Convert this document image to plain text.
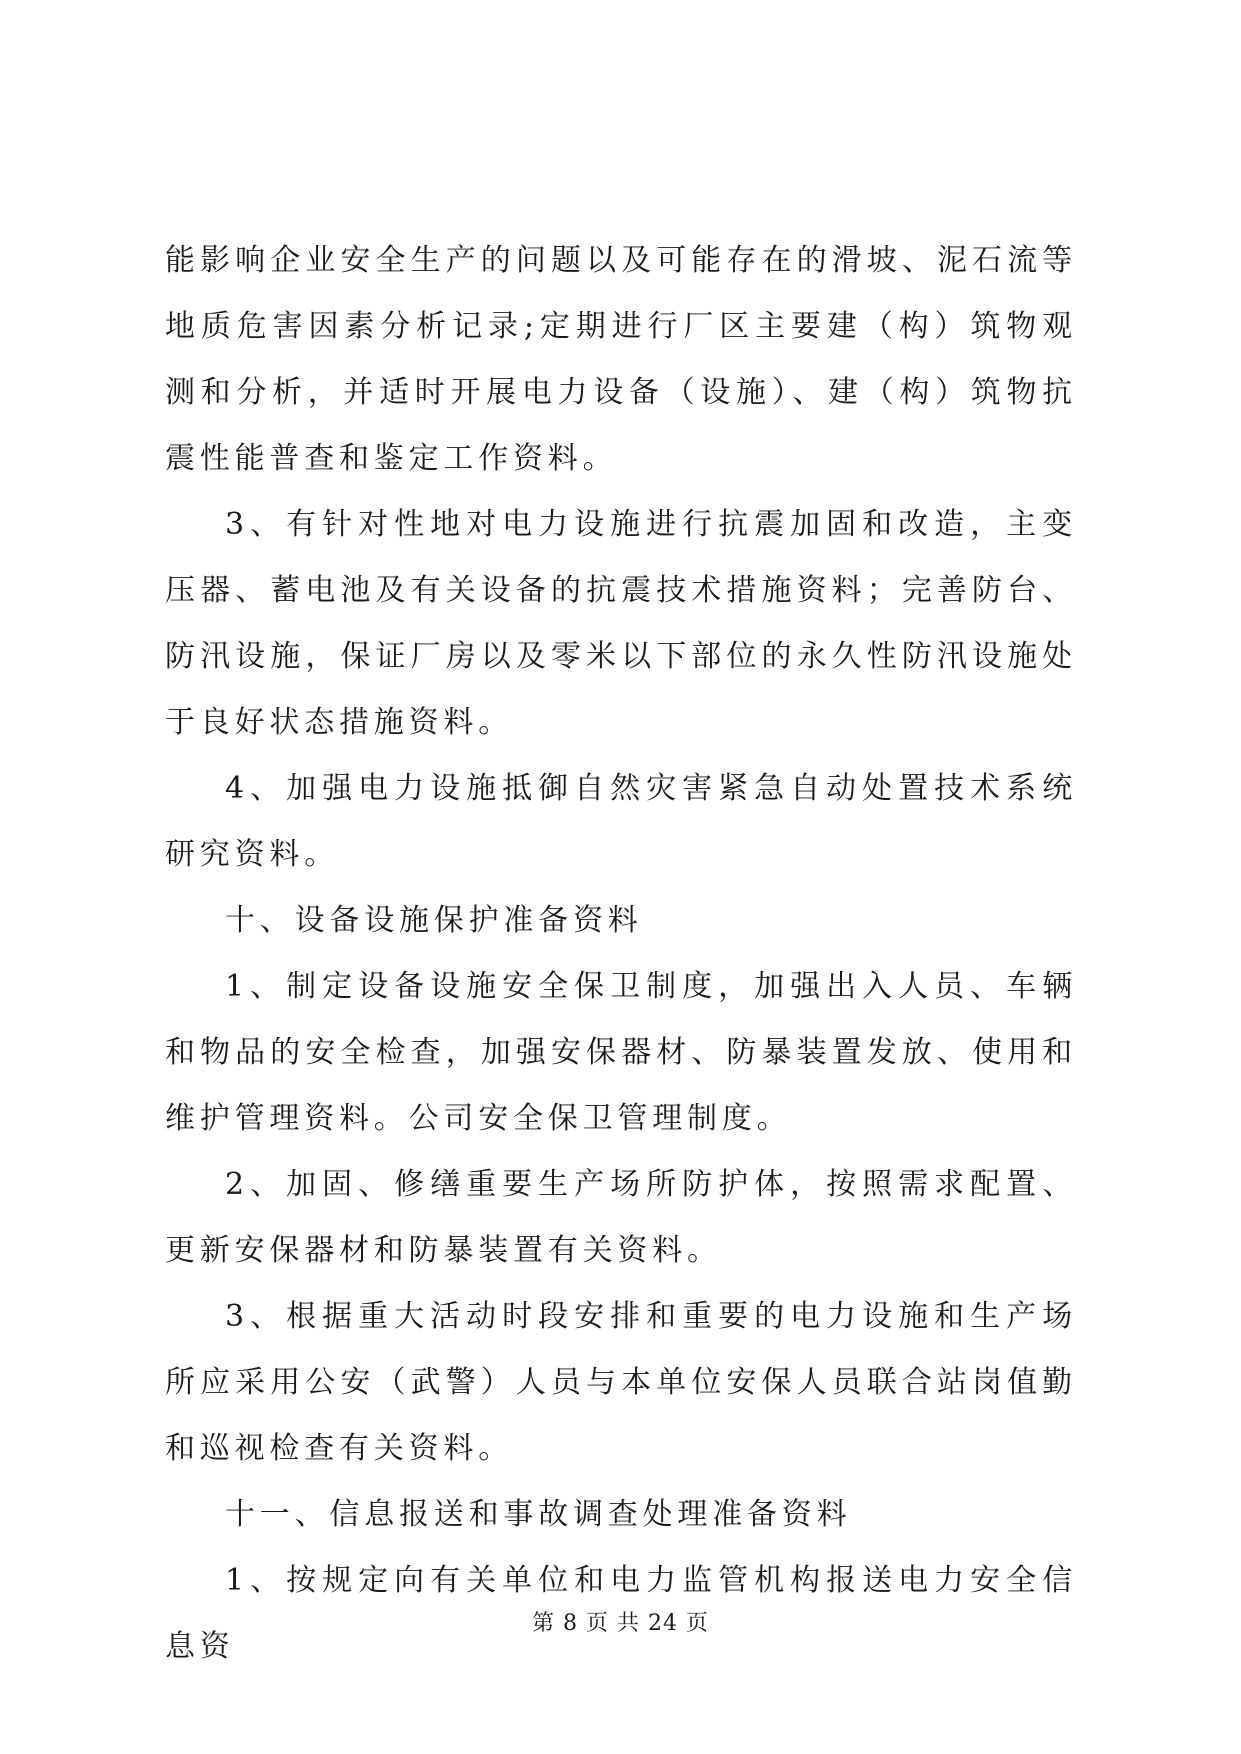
能影响企业安全生产的问题以及可能存在的滑坡、泥石流等地质危害因素分析记录;定期进行厂区主要建（构）筑物观测和分析，并适时开展电力设备（设施）、建（构）筑物抗震性能普查和鉴定工作资料。

3、有针对性地对电力设施进行抗震加固和改造，主变压器、蓄电池及有关设备的抗震技术措施资料；完善防台、防汛设施，保证厂房以及零米以下部位的永久性防汛设施处于良好状态措施资料。

4、加强电力设施抵御自然灾害紧急自动处置技术系统研究资料。

十、设备设施保护准备资料

1、制定设备设施安全保卫制度，加强出入人员、车辆和物品的安全检查，加强安保器材、防暴装置发放、使用和维护管理资料。公司安全保卫管理制度。

2、加固、修缮重要生产场所防护体，按照需求配置、更新安保器材和防暴装置有关资料。

3、根据重大活动时段安排和重要的电力设施和生产场所应采用公安（武警）人员与本单位安保人员联合站岗值勤和巡视检查有关资料。

十一、信息报送和事故调查处理准备资料

1、按规定向有关单位和电力监管机构报送电力安全信息资

第 8 页 共 24 页
